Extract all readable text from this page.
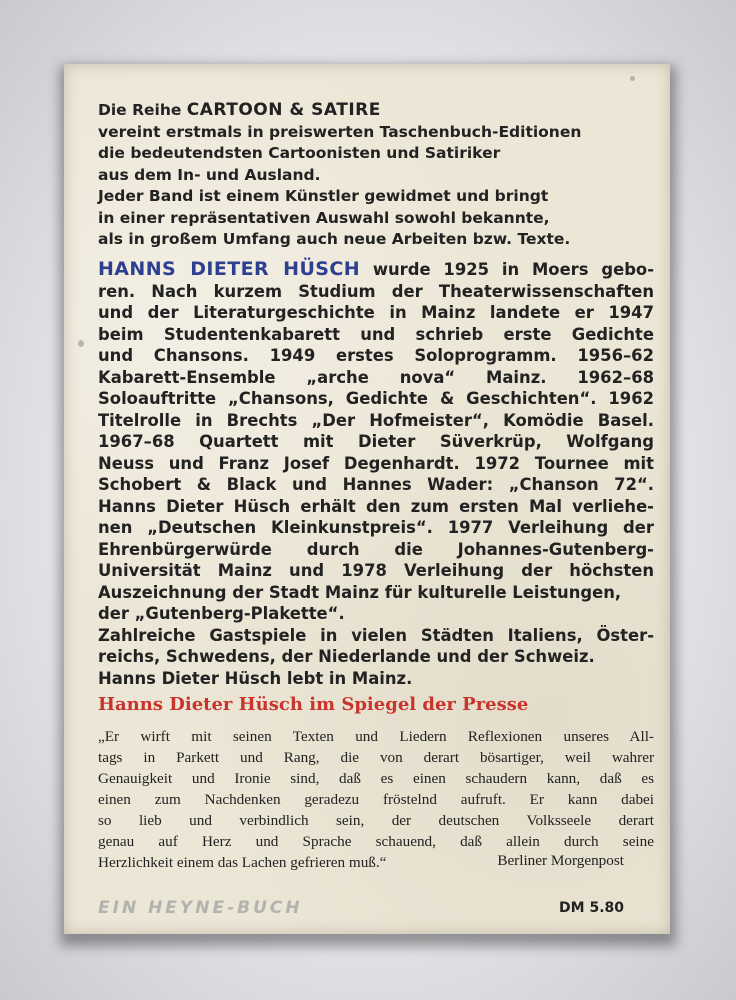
Die Reihe CARTOON & SATIRE
vereint erstmals in preiswerten Taschenbuch-Editionen
die bedeutendsten Cartoonisten und Satiriker
aus dem In- und Ausland.
Jeder Band ist einem Künstler gewidmet und bringt
in einer repräsentativen Auswahl sowohl bekannte,
als in großem Umfang auch neue Arbeiten bzw. Texte.
HANNS DIETER HÜSCH wurde 1925 in Moers gebo-
ren. Nach kurzem Studium der Theaterwissenschaften
und der Literaturgeschichte in Mainz landete er 1947
beim Studentenkabarett und schrieb erste Gedichte
und Chansons. 1949 erstes Soloprogramm. 1956–62
Kabarett-Ensemble „arche nova“ Mainz. 1962–68
Soloauftritte „Chansons, Gedichte & Geschichten“. 1962
Titelrolle in Brechts „Der Hofmeister“, Komödie Basel.
1967–68 Quartett mit Dieter Süverkrüp, Wolfgang
Neuss und Franz Josef Degenhardt. 1972 Tournee mit
Schobert & Black und Hannes Wader: „Chanson 72“.
Hanns Dieter Hüsch erhält den zum ersten Mal verliehe-
nen „Deutschen Kleinkunstpreis“. 1977 Verleihung der
Ehrenbürgerwürde durch die Johannes-Gutenberg-
Universität Mainz und 1978 Verleihung der höchsten
Auszeichnung der Stadt Mainz für kulturelle Leistungen,
der „Gutenberg-Plakette“.
Zahlreiche Gastspiele in vielen Städten Italiens, Öster-
reichs, Schwedens, der Niederlande und der Schweiz.
Hanns Dieter Hüsch lebt in Mainz.
Hanns Dieter Hüsch im Spiegel der Presse
„Er wirft mit seinen Texten und Liedern Reflexionen unseres All-
tags in Parkett und Rang, die von derart bösartiger, weil wahrer
Genauigkeit und Ironie sind, daß es einen schaudern kann, daß es
einen zum Nachdenken geradezu fröstelnd aufruft. Er kann dabei
so lieb und verbindlich sein, der deutschen Volksseele derart
genau auf Herz und Sprache schauend, daß allein durch seine
Herzlichkeit einem das Lachen gefrieren muß.“	Berliner Morgenpost
EIN HEYNE-BUCH	DM 5.80
